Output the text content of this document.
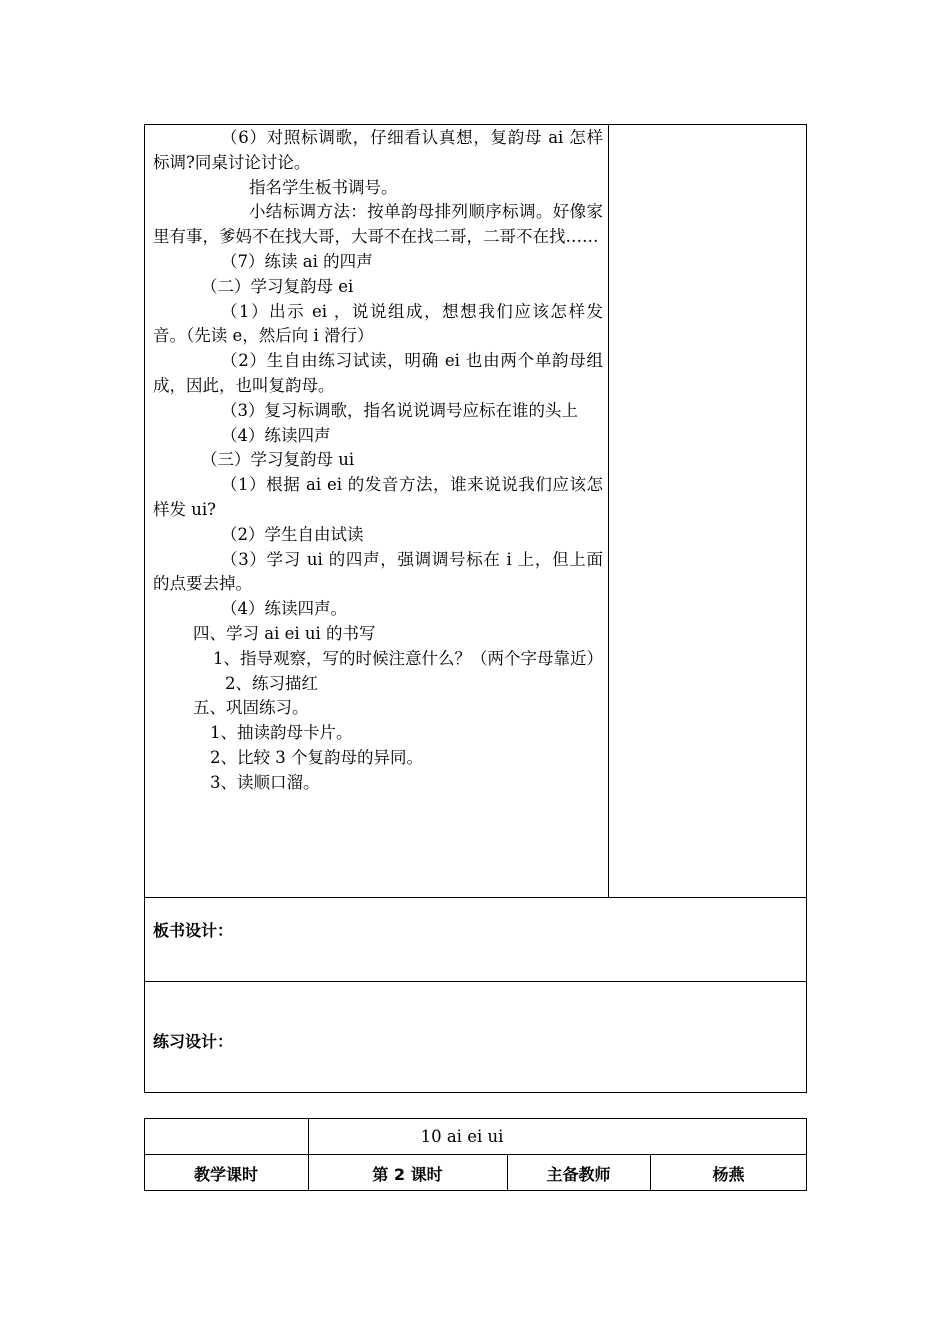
（6）对照标调歌，仔细看认真想，复韵母 ai 怎样标调?同桌讨论讨论。
指名学生板书调号。
小结标调方法：按单韵母排列顺序标调。好像家里有事，爹妈不在找大哥，大哥不在找二哥，二哥不在找……
（7）练读 ai 的四声
（二）学习复韵母 ei
（1）出示 ei ，说说组成，想想我们应该怎样发音。（先读 e，然后向 i 滑行）
（2）生自由练习试读，明确 ei 也由两个单韵母组成，因此，也叫复韵母。
（3）复习标调歌，指名说说调号应标在谁的头上
（4）练读四声
（三）学习复韵母 ui
（1）根据 ai ei 的发音方法，谁来说说我们应该怎样发 ui?
（2）学生自由试读
（3）学习 ui 的四声，强调调号标在 i 上，但上面的点要去掉。
（4）练读四声。
四、学习 ai ei ui 的书写
1、指导观察，写的时候注意什么？（两个字母靠近）
2、练习描红
五、巩固练习。
1、抽读韵母卡片。
2、比较 3 个复韵母的异同。
3、读顺口溜。
板书设计：
练习设计：
10 ai ei ui
教学课时	第 2 课时	主备教师	杨燕
